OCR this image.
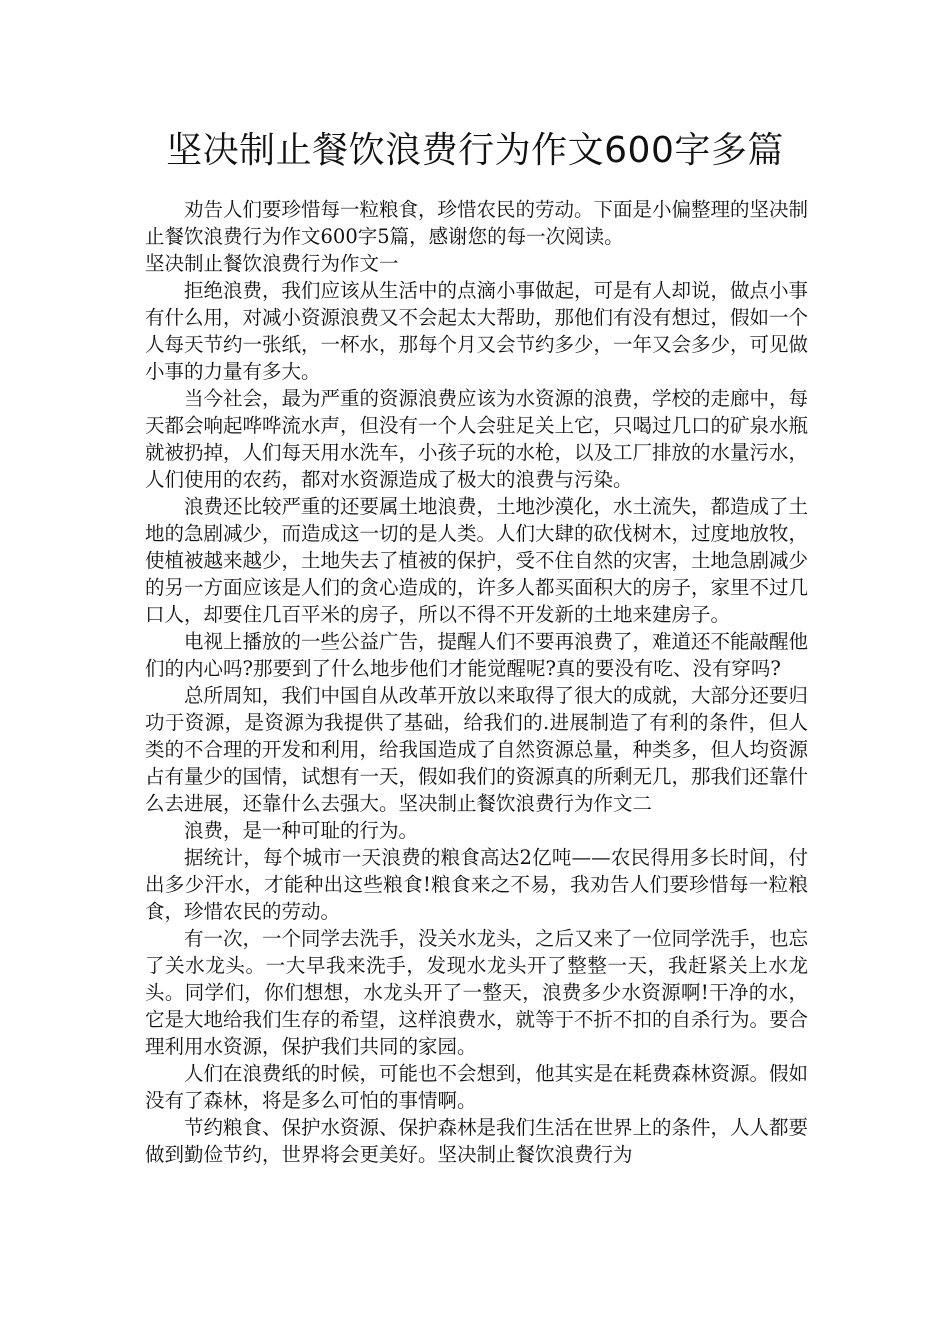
坚决制止餐饮浪费行为作文600字多篇

劝告人们要珍惜每一粒粮食，珍惜农民的劳动。下面是小偏整理的坚决制止餐饮浪费行为作文600字5篇，感谢您的每一次阅读。

坚决制止餐饮浪费行为作文一

拒绝浪费，我们应该从生活中的点滴小事做起，可是有人却说，做点小事有什么用，对减小资源浪费又不会起太大帮助，那他们有没有想过，假如一个人每天节约一张纸，一杯水，那每个月又会节约多少，一年又会多少，可见做小事的力量有多大。

当今社会，最为严重的资源浪费应该为水资源的浪费，学校的走廊中，每天都会响起哗哗流水声，但没有一个人会驻足关上它，只喝过几口的矿泉水瓶就被扔掉，人们每天用水洗车，小孩子玩的水枪，以及工厂排放的水量污水，人们使用的农药，都对水资源造成了极大的浪费与污染。

浪费还比较严重的还要属土地浪费，土地沙漠化，水土流失，都造成了土地的急剧减少，而造成这一切的是人类。人们大肆的砍伐树木，过度地放牧，使植被越来越少，土地失去了植被的保护，受不住自然的灾害，土地急剧减少的另一方面应该是人们的贪心造成的，许多人都买面积大的房子，家里不过几口人，却要住几百平米的房子，所以不得不开发新的土地来建房子。

电视上播放的一些公益广告，提醒人们不要再浪费了，难道还不能敲醒他们的内心吗?那要到了什么地步他们才能觉醒呢?真的要没有吃、没有穿吗?

总所周知，我们中国自从改革开放以来取得了很大的成就，大部分还要归功于资源，是资源为我提供了基础，给我们的.进展制造了有利的条件，但人类的不合理的开发和利用，给我国造成了自然资源总量，种类多，但人均资源占有量少的国情，试想有一天，假如我们的资源真的所剩无几，那我们还靠什么去进展，还靠什么去强大。坚决制止餐饮浪费行为作文二

浪费，是一种可耻的行为。

据统计，每个城市一天浪费的粮食高达2亿吨——农民得用多长时间，付出多少汗水，才能种出这些粮食!粮食来之不易，我劝告人们要珍惜每一粒粮食，珍惜农民的劳动。

有一次，一个同学去洗手，没关水龙头，之后又来了一位同学洗手，也忘了关水龙头。一大早我来洗手，发现水龙头开了整整一天，我赶紧关上水龙头。同学们，你们想想，水龙头开了一整天，浪费多少水资源啊!干净的水，它是大地给我们生存的希望，这样浪费水，就等于不折不扣的自杀行为。要合理利用水资源，保护我们共同的家园。

人们在浪费纸的时候，可能也不会想到，他其实是在耗费森林资源。假如没有了森林，将是多么可怕的事情啊。

节约粮食、保护水资源、保护森林是我们生活在世界上的条件，人人都要做到勤俭节约，世界将会更美好。坚决制止餐饮浪费行为
